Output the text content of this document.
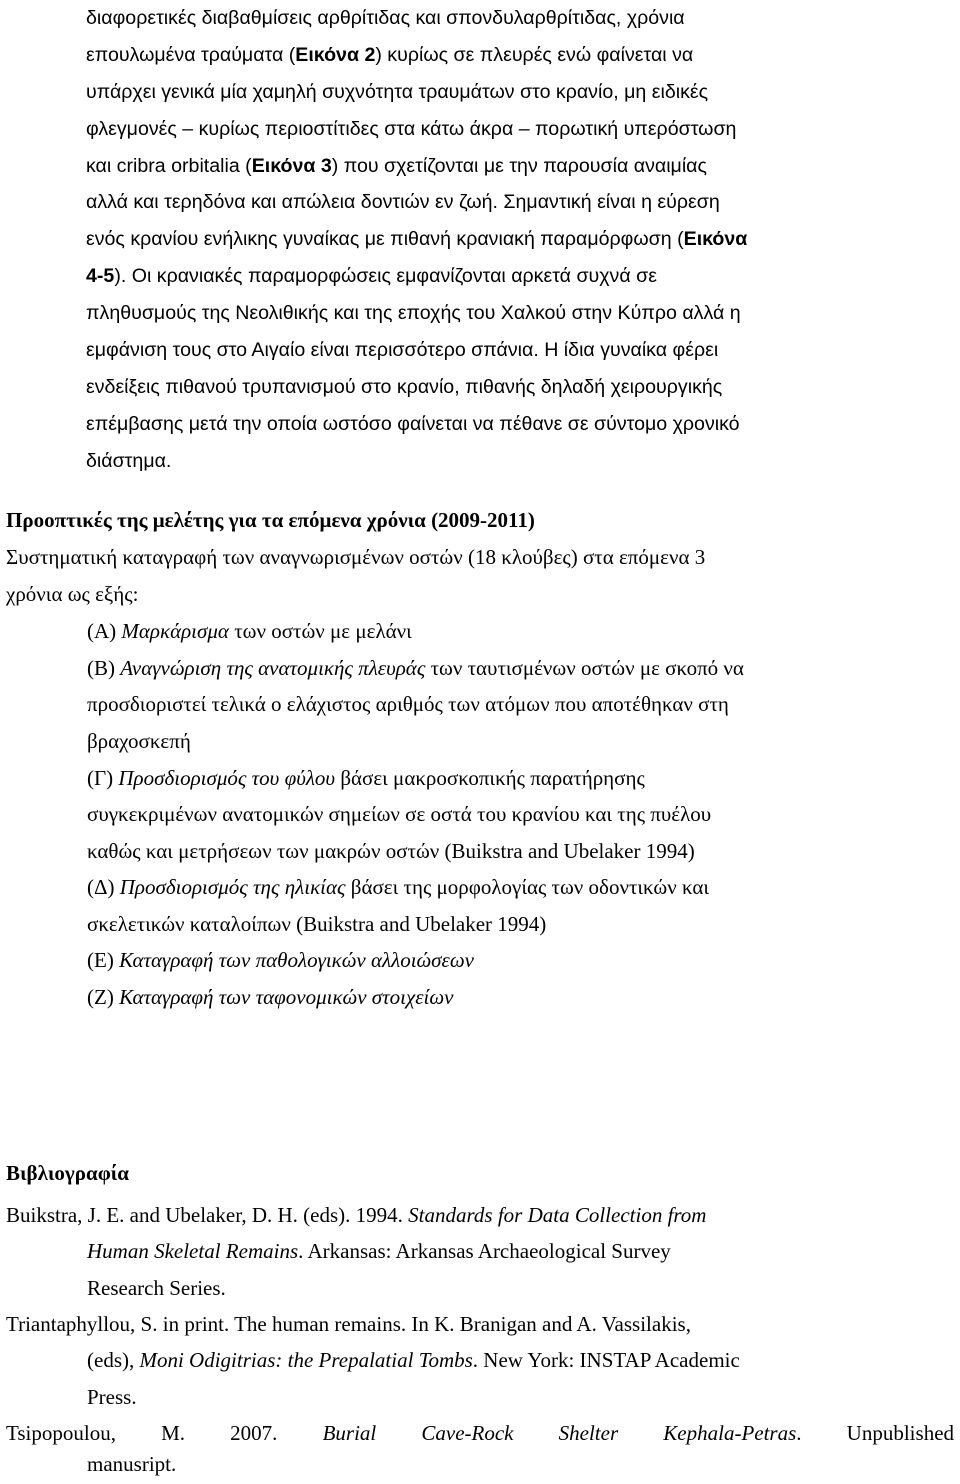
διαφορετικές διαβαθμίσεις αρθρίτιδας και σπονδυλαρθρίτιδας, χρόνια
επουλωμένα τραύματα (Εικόνα 2) κυρίως σε πλευρές ενώ φαίνεται να
υπάρχει γενικά μία χαμηλή συχνότητα τραυμάτων στο κρανίο, μη ειδικές
φλεγμονές – κυρίως περιοστίτιδες στα κάτω άκρα – πορωτική υπερόστωση
και cribra orbitalia (Εικόνα 3) που σχετίζονται με την παρουσία αναιμίας
αλλά και τερηδόνα και απώλεια δοντιών εν ζωή. Σημαντική είναι η εύρεση
ενός κρανίου ενήλικης γυναίκας με πιθανή κρανιακή παραμόρφωση (Εικόνα
4-5). Οι κρανιακές παραμορφώσεις εμφανίζονται αρκετά συχνά σε
πληθυσμούς της Νεολιθικής και της εποχής του Χαλκού στην Κύπρο αλλά η
εμφάνιση τους στο Αιγαίο είναι περισσότερο σπάνια. Η ίδια γυναίκα φέρει
ενδείξεις πιθανού τρυπανισμού στο κρανίο, πιθανής δηλαδή χειρουργικής
επέμβασης μετά την οποία ωστόσο φαίνεται να πέθανε σε σύντομο χρονικό
διάστημα.
Προοπτικές της μελέτης για τα επόμενα χρόνια (2009-2011)
Συστηματική καταγραφή των αναγνωρισμένων οστών (18 κλούβες) στα επόμενα 3
χρόνια ως εξής:
(Α) Μαρκάρισμα των οστών με μελάνι
(Β) Αναγνώριση της ανατομικής πλευράς των ταυτισμένων οστών με σκοπό να
προσδιοριστεί τελικά ο ελάχιστος αριθμός των ατόμων που αποτέθηκαν στη
βραχοσκεπή
(Γ) Προσδιορισμός του φύλου βάσει μακροσκοπικής παρατήρησης
συγκεκριμένων ανατομικών σημείων σε οστά του κρανίου και της πυέλου
καθώς και μετρήσεων των μακρών οστών (Buikstra and Ubelaker 1994)
(Δ) Προσδιορισμός της ηλικίας βάσει της μορφολογίας των οδοντικών και
σκελετικών καταλοίπων (Buikstra and Ubelaker 1994)
(Ε) Καταγραφή των παθολογικών αλλοιώσεων
(Ζ) Καταγραφή των ταφονομικών στοιχείων
Βιβλιογραφία
Buikstra, J. E. and Ubelaker, D. H. (eds). 1994. Standards for Data Collection from
Human Skeletal Remains. Arkansas: Arkansas Archaeological Survey
Research Series.
Triantaphyllou, S. in print. The human remains. In K. Branigan and A. Vassilakis,
(eds), Moni Odigitrias: the Prepalatial Tombs. New York: INSTAP Academic
Press.
Tsipopoulou, M. 2007. Burial Cave-Rock Shelter Kephala-Petras. Unpublished
manusript.
